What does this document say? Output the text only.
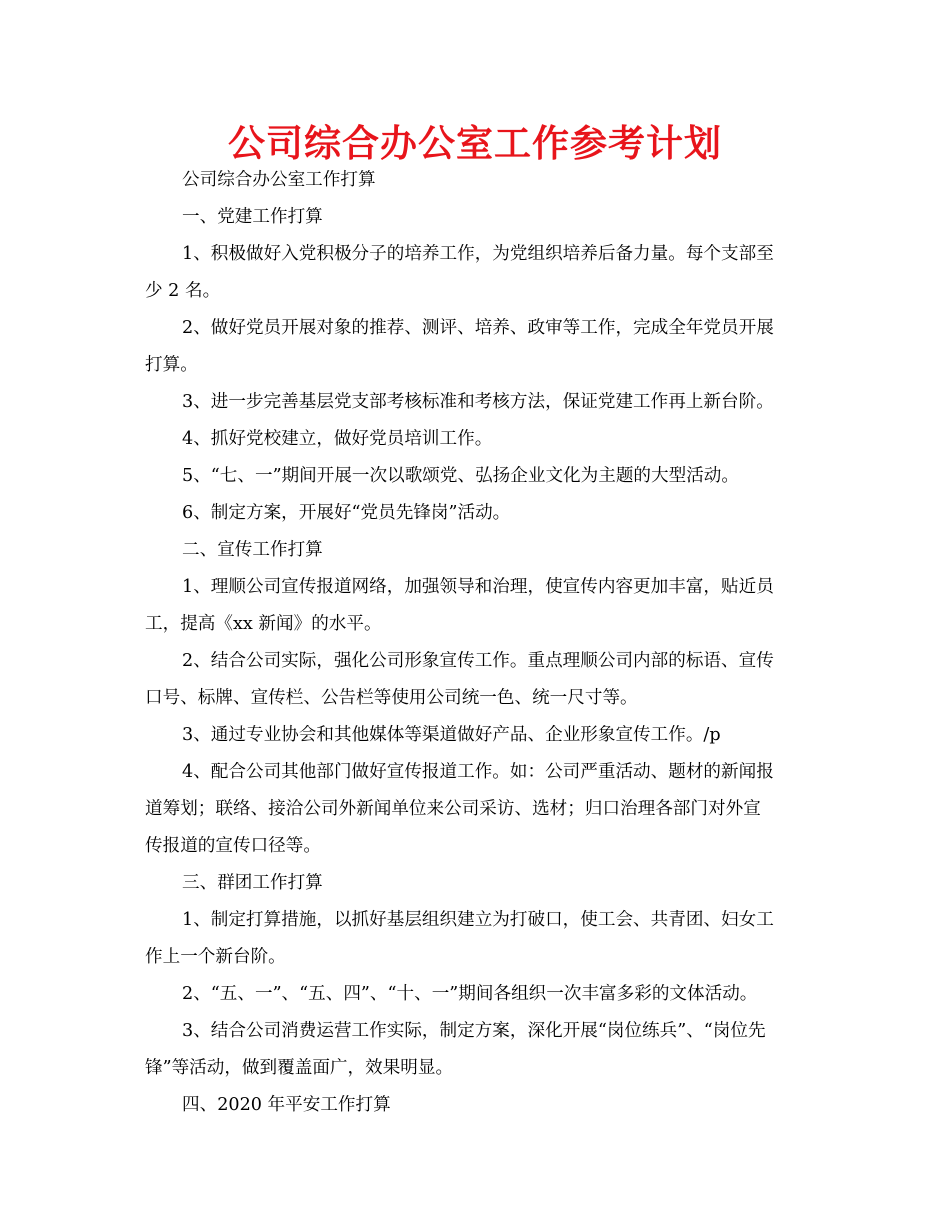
公司综合办公室工作参考计划

公司综合办公室工作打算

一、党建工作打算

1、积极做好入党积极分子的培养工作，为党组织培养后备力量。每个支部至
少 2 名。

2、做好党员开展对象的推荐、测评、培养、政审等工作，完成全年党员开展
打算。

3、进一步完善基层党支部考核标准和考核方法，保证党建工作再上新台阶。

4、抓好党校建立，做好党员培训工作。

5、“七、一”期间开展一次以歌颂党、弘扬企业文化为主题的大型活动。

6、制定方案，开展好“党员先锋岗”活动。

二、宣传工作打算

1、理顺公司宣传报道网络，加强领导和治理，使宣传内容更加丰富，贴近员
工，提高《xx 新闻》的水平。

2、结合公司实际，强化公司形象宣传工作。重点理顺公司内部的标语、宣传
口号、标牌、宣传栏、公告栏等使用公司统一色、统一尺寸等。

3、通过专业协会和其他媒体等渠道做好产品、企业形象宣传工作。/p

4、配合公司其他部门做好宣传报道工作。如：公司严重活动、题材的新闻报
道筹划；联络、接洽公司外新闻单位来公司采访、选材；归口治理各部门对外宣
传报道的宣传口径等。

三、群团工作打算

1、制定打算措施，以抓好基层组织建立为打破口，使工会、共青团、妇女工
作上一个新台阶。

2、“五、一”、“五、四”、“十、一”期间各组织一次丰富多彩的文体活动。

3、结合公司消费运营工作实际，制定方案，深化开展“岗位练兵”、“岗位先
锋”等活动，做到覆盖面广，效果明显。

四、2020 年平安工作打算
